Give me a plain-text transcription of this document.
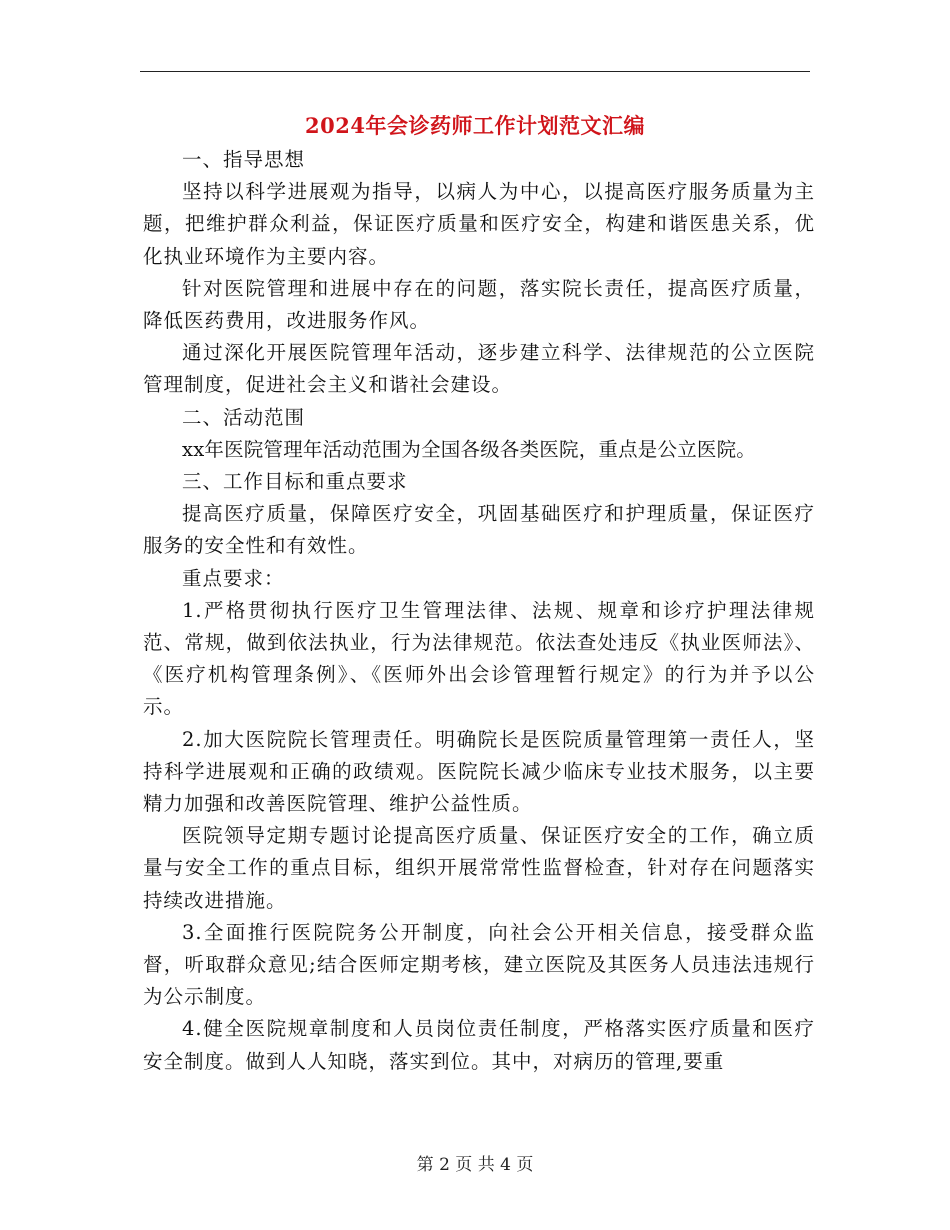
2024年会诊药师工作计划范文汇编

一、指导思想

坚持以科学进展观为指导，以病人为中心，以提高医疗服务质量为主题，把维护群众利益，保证医疗质量和医疗安全，构建和谐医患关系，优化执业环境作为主要内容。

针对医院管理和进展中存在的问题，落实院长责任，提高医疗质量，降低医药费用，改进服务作风。

通过深化开展医院管理年活动，逐步建立科学、法律规范的公立医院管理制度，促进社会主义和谐社会建设。

二、活动范围

xx年医院管理年活动范围为全国各级各类医院，重点是公立医院。

三、工作目标和重点要求

提高医疗质量，保障医疗安全，巩固基础医疗和护理质量，保证医疗服务的安全性和有效性。

重点要求：

1.严格贯彻执行医疗卫生管理法律、法规、规章和诊疗护理法律规范、常规，做到依法执业，行为法律规范。依法查处违反《执业医师法》、《医疗机构管理条例》、《医师外出会诊管理暂行规定》的行为并予以公示。

2.加大医院院长管理责任。明确院长是医院质量管理第一责任人，坚持科学进展观和正确的政绩观。医院院长减少临床专业技术服务，以主要精力加强和改善医院管理、维护公益性质。

医院领导定期专题讨论提高医疗质量、保证医疗安全的工作，确立质量与安全工作的重点目标，组织开展常常性监督检查，针对存在问题落实持续改进措施。

3.全面推行医院院务公开制度，向社会公开相关信息，接受群众监督，听取群众意见;结合医师定期考核，建立医院及其医务人员违法违规行为公示制度。

4.健全医院规章制度和人员岗位责任制度，严格落实医疗质量和医疗安全制度。做到人人知晓，落实到位。其中，对病历的管理,要重

第 2 页 共 4 页
